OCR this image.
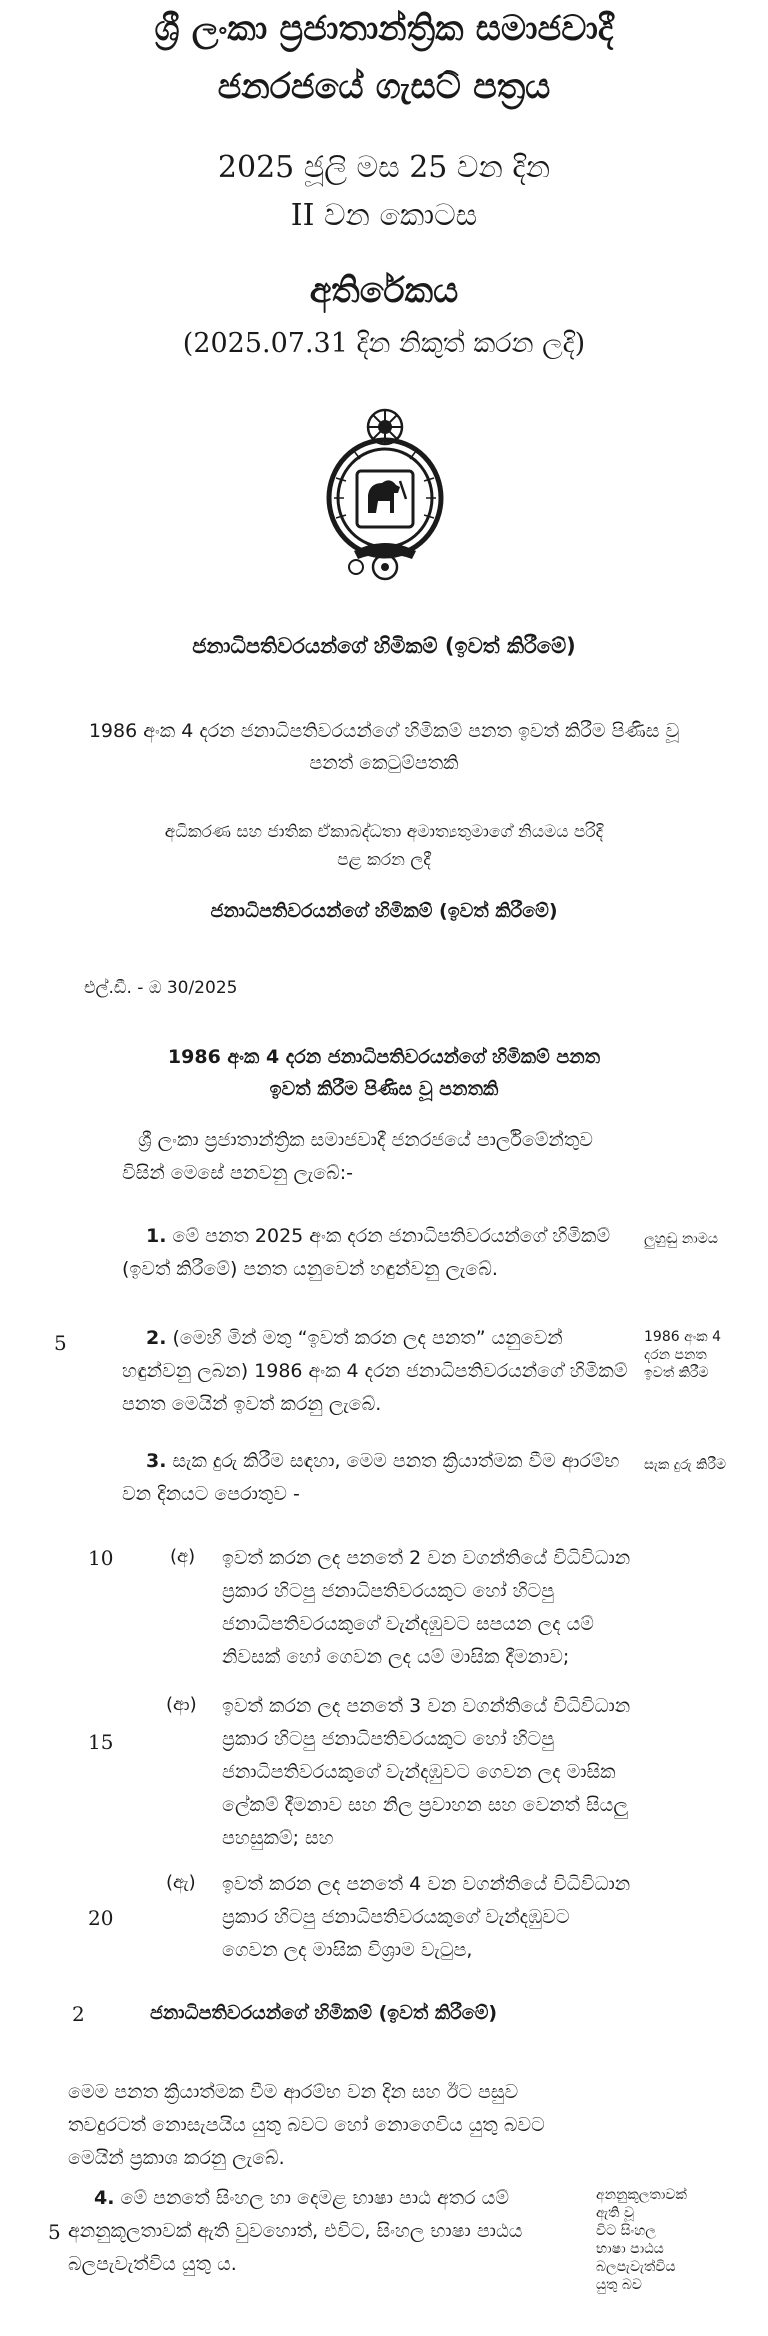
ශ්‍රී ලංකා ප්‍රජාතාන්ත්‍රික සමාජවාදී
ජනරජයේ ගැසට් පත්‍රය
2025 ජූලි මස 25 වන දින
II වන කොටස
අතිරේකය
(2025.07.31 දින නිකුත් කරන ලදි)
ජනාධිපතිවරයන්ගේ හිමිකම් (ඉවත් කිරීමේ)
1986 අංක 4 දරන ජනාධිපතිවරයන්ගේ හිමිකම් පනත ඉවත් කිරීම පිණිස වූ
පනත් කෙටුම්පතකි
අධිකරණ සහ ජාතික ඒකාබද්ධතා අමාත්‍යතුමාගේ නියමය පරිදි
පළ කරන ලදී
ජනාධිපතිවරයන්ගේ හිමිකම් (ඉවත් කිරීමේ)
එල්.ඩී. - ඔ 30/2025
1986 අංක 4 දරන ජනාධිපතිවරයන්ගේ හිමිකම් පනත
ඉවත් කිරීම පිණිස වූ පනතකි
ශ්‍රී ලංකා ප්‍රජාතාන්ත්‍රික සමාජවාදී ජනරජයේ පාර්ලිමේන්තුව
විසින් මෙසේ පනවනු ලැබේ:-
1. මේ පනත 2025 අංක දරන ජනාධිපතිවරයන්ගේ හිමිකම්
(ඉවත් කිරීමේ) පනත යනුවෙන් හඳුන්වනු ලැබේ.
ලුහුඬු නාමය
5	2. (මෙහි මින් මතු “ඉවත් කරන ලද පනත” යනුවෙන්
හඳුන්වනු ලබන) 1986 අංක 4 දරන ජනාධිපතිවරයන්ගේ හිමිකම්
පනත මෙයින් ඉවත් කරනු ලැබේ.
1986 අංක 4
දරන පනත
ඉවත් කිරීම
3. සැක දුරු කිරීම සඳහා, මෙම පනත ක්‍රියාත්මක වීම ආරම්භ
වන දිනයට පෙරාතුව -
සැක දුරු කිරීම
10	(අ) ඉවත් කරන ලද පනතේ 2 වන වගන්තියේ විධිවිධාන
ප්‍රකාර හිටපු ජනාධිපතිවරයකුට හෝ හිටපු
ජනාධිපතිවරයකුගේ වැන්දඹුවට සපයන ලද යම්
නිවසක් හෝ ගෙවන ලද යම් මාසික දීමනාව;
15
(ආ) ඉවත් කරන ලද පනතේ 3 වන වගන්තියේ විධිවිධාන
ප්‍රකාර හිටපු ජනාධිපතිවරයකුට හෝ හිටපු
ජනාධිපතිවරයකුගේ වැන්දඹුවට ගෙවන ලද මාසික
ලේකම් දීමනාව සහ නිල ප්‍රවාහන සහ වෙනත් සියලු
පහසුකම්; සහ
20
(ඇ) ඉවත් කරන ලද පනතේ 4 වන වගන්තියේ විධිවිධාන
ප්‍රකාර හිටපු ජනාධිපතිවරයකුගේ වැන්දඹුවට
ගෙවන ලද මාසික විශ්‍රාම වැටුප,
2	ජනාධිපතිවරයන්ගේ හිමිකම් (ඉවත් කිරීමේ)
මෙම පනත ක්‍රියාත්මක වීම ආරම්භ වන දින සහ ඊට පසුව
තවදුරටත් නොසැපයිය යුතු බවට හෝ නොගෙවිය යුතු බවට
මෙයින් ප්‍රකාශ කරනු ලැබේ.
5
4. මේ පනතේ සිංහල හා දෙමළ භාෂා පාඨ අතර යම්
අනනුකූලතාවක් ඇති වුවහොත්, එවිට, සිංහල භාෂා පාඨය
බලපැවැත්විය යුතු ය.
අනනුකූලතාවක්
ඇති වූ
විට සිංහල
භාෂා පාඨය
බලපැවැත්විය
යුතු බව
